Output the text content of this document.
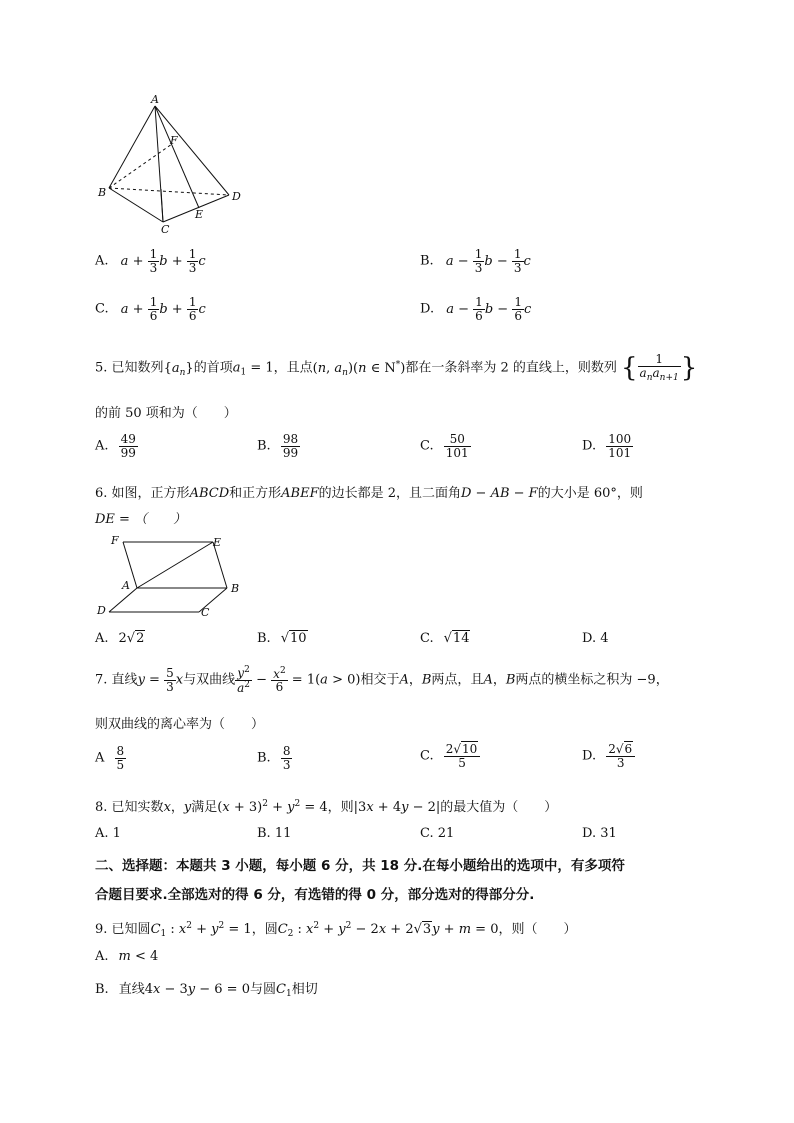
A
F
B	D
E
C
A. $a + \frac{1}{3}$ $b + \frac{1}{3}$ c	B. $a - \frac{1}{3}$ $b - \frac{1}{3}$ c
C. $a + \frac{1}{6}$ $b + \frac{1}{6}$ c	D. $a - \frac{1}{6}$ $b - \frac{1}{6}$ c
5. 已知数列$\{a_n\}$的首项$a_1 = 1$，且点(n, $a_n)(n$ ∈ N*)都在一条斜率为 2 的直线上，则数列 { $\frac{1}{a_na_{n+1}}$ }
的前 50 项和为（　　）
A. $\frac{49}{99}$	B. $\frac{98}{99}$	C. $\frac{50}{101}$	D. $\frac{100}{101}$
6. 如图，正方形ABCD和正方形ABEF的边长都是 2，且二面角D − AB − F的大小是 60°，则
DE = （　　）
F	E
A	B
D	C
A. 2√2	B. √10	C. √14	D. 4
7. 直线$y = \frac{5}{3}$ x与双曲线 $\frac{y^2}{a^2} - \frac{x^2}{6} = 1(a > 0)$相交于A，B两点，且A，B两点的横坐标之积为 −9，
则双曲线的离心率为（　　）
A $\frac{8}{5}$	B. $\frac{8}{3}$	C. $\frac{2√10}{5}$	D. $\frac{2√6}{3}$
8. 已知实数x，y满足$(x + 3)^2 + y^2 = 4$，则|3x + 4y − 2|的最大值为（　　）
A. 1	B. 11	C. 21	D. 31
二、选择题：本题共 3 小题，每小题 6 分，共 18 分.在每小题给出的选项中，有多项符
合题目要求.全部选对的得 6 分，有选错的得 0 分，部分选对的得部分分.
9. 已知圆$C_1$ : $x^2 + y^2 = 1$，圆$C_2$ : $x^2 + y^2 - 2x + 2√3y + m = 0$，则（　　）
A. m < 4
B. 直线4x − 3y − 6 = 0与圆$C_1$相切
